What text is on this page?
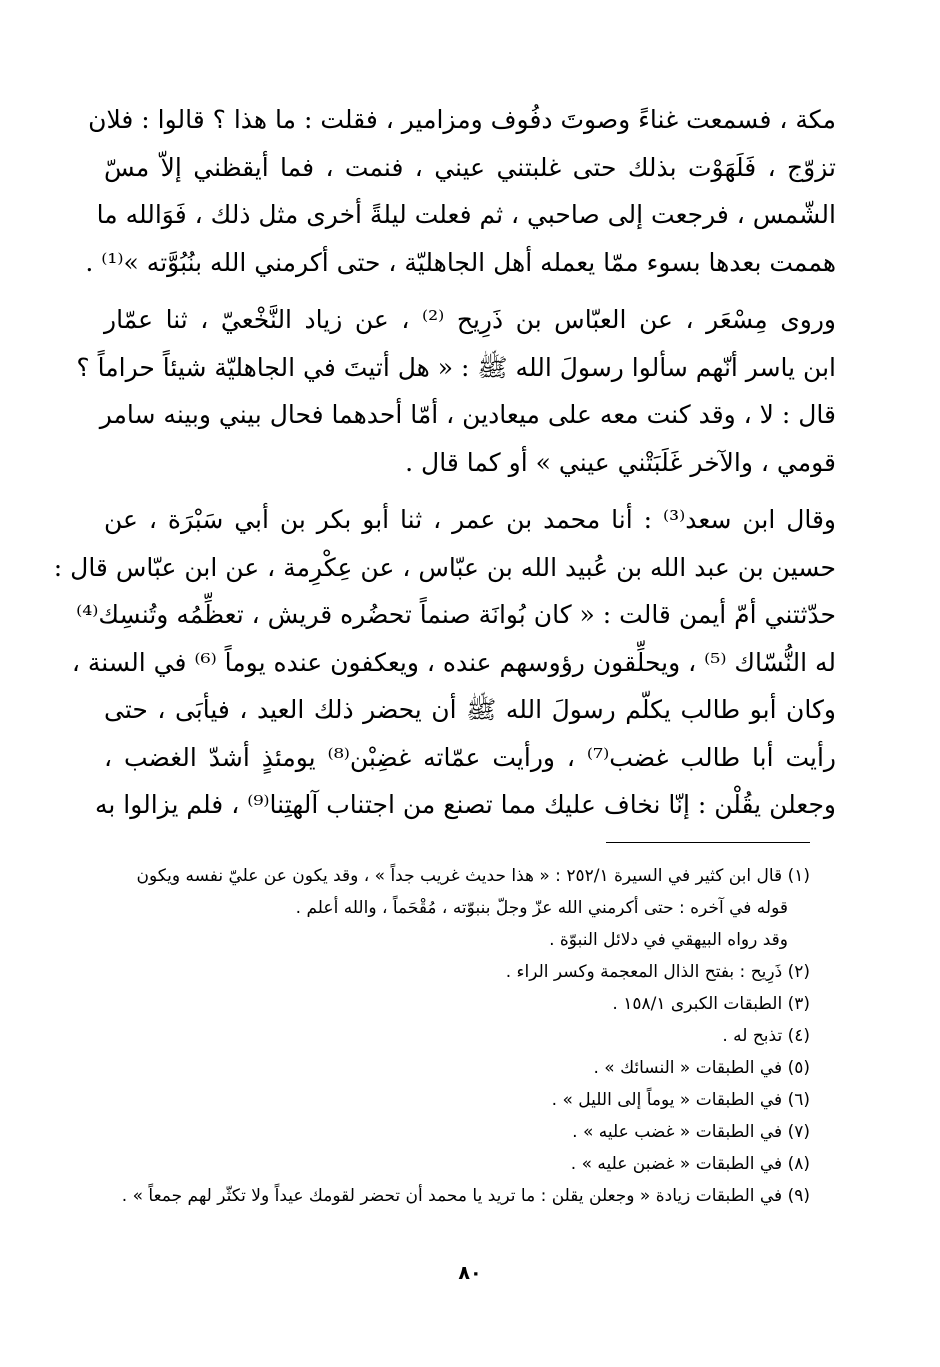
مكة ، فسمعت غناءً وصوتَ دفُوف ومزامير ، فقلت : ما هذا ؟ قالوا : فلان
تزوّج ، فَلَهَوْت بذلك حتى غلبتني عيني ، فنمت ، فما أيقظني إلاّ مسّ
الشّمس ، فرجعت إلى صاحبي ، ثم فعلت ليلةً أخرى مثل ذلك ، فَوَالله ما
هممت بعدها بسوء ممّا يعمله أهل الجاهليّة ، حتى أكرمني الله بنُبُوَّته »⁽¹⁾ .
وروى مِسْعَر ، عن العبّاس بن ذَرِيح ⁽²⁾ ، عن زياد النَّخْعيّ ، ثنا عمّار
ابن ياسر أنّهم سألوا رسولَ الله ﷺ : « هل أتيتَ في الجاهليّة شيئاً حراماً ؟
قال : لا ، وقد كنت معه على ميعادين ، أمّا أحدهما فحال بيني وبينه سامر
قومي ، والآخر غَلَبَتْني عيني » أو كما قال .
وقال ابن سعد⁽³⁾ : أنا محمد بن عمر ، ثنا أبو بكر بن أبي سَبْرَة ، عن
حسين بن عبد الله بن عُبيد الله بن عبّاس ، عن عِكْرِمة ، عن ابن عبّاس قال :
حدّثتني أمّ أيمن قالت : « كان بُوانَة صنماً تحضُره قريش ، تعظِّمُه وتُنسِك⁽⁴⁾
له النُّسّاك ⁽⁵⁾ ، ويحلِّقون رؤوسهم عنده ، ويعكفون عنده يوماً ⁽⁶⁾ في السنة ،
وكان أبو طالب يكلّم رسولَ الله ﷺ أن يحضر ذلك العيد ، فيأبَى ، حتى
رأيت أبا طالب غضب⁽⁷⁾ ، ورأيت عمّاته غضِبْن⁽⁸⁾ يومئذٍ أشدّ الغضب ،
وجعلن يقُلْن : إنّا نخاف عليك مما تصنع من اجتناب آلهتِنا⁽⁹⁾ ، فلم يزالوا به
(١) قال ابن كثير في السيرة ٢٥٢/١ : « هذا حديث غريب جداً » ، وقد يكون عن عليّ نفسه ويكون
قوله في آخره : حتى أكرمني الله عزّ وجلّ بنبوّته ، مُقْحَماً ، والله أعلم .
وقد رواه البيهقي في دلائل النبوّة .
(٢) ذَرِيح : بفتح الذال المعجمة وكسر الراء .
(٣) الطبقات الكبرى ١٥٨/١ .
(٤) تذبح له .
(٥) في الطبقات « النسائك » .
(٦) في الطبقات « يوماً إلى الليل » .
(٧) في الطبقات « غضب عليه » .
(٨) في الطبقات « غضبن عليه » .
(٩) في الطبقات زيادة « وجعلن يقلن : ما تريد يا محمد أن تحضر لقومك عيداً ولا تكثّر لهم جمعاً » .
٨٠
